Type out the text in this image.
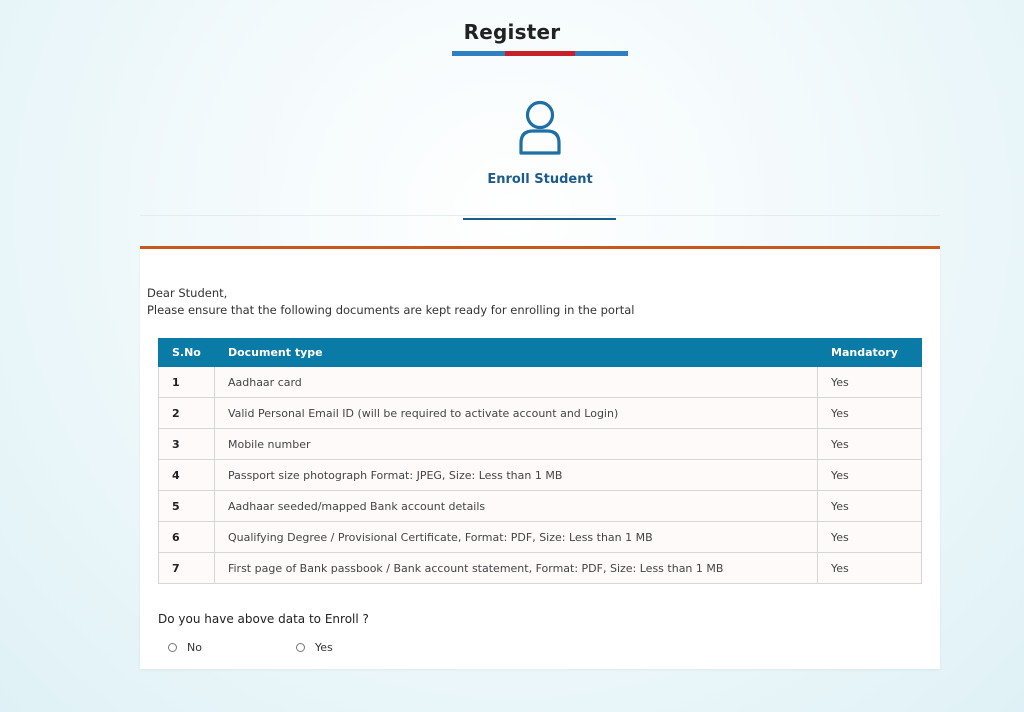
Register
Enroll Student
Dear Student,
Please ensure that the following documents are kept ready for enrolling in the portal
S.No	Document type	Mandatory
1	Aadhaar card	Yes
2	Valid Personal Email ID (will be required to activate account and Login)	Yes
3	Mobile number	Yes
4	Passport size photograph Format: JPEG, Size: Less than 1 MB	Yes
5	Aadhaar seeded/mapped Bank account details	Yes
6	Qualifying Degree / Provisional Certificate, Format: PDF, Size: Less than 1 MB	Yes
7	First page of Bank passbook / Bank account statement, Format: PDF, Size: Less than 1 MB	Yes
Do you have above data to Enroll ?
No	Yes
